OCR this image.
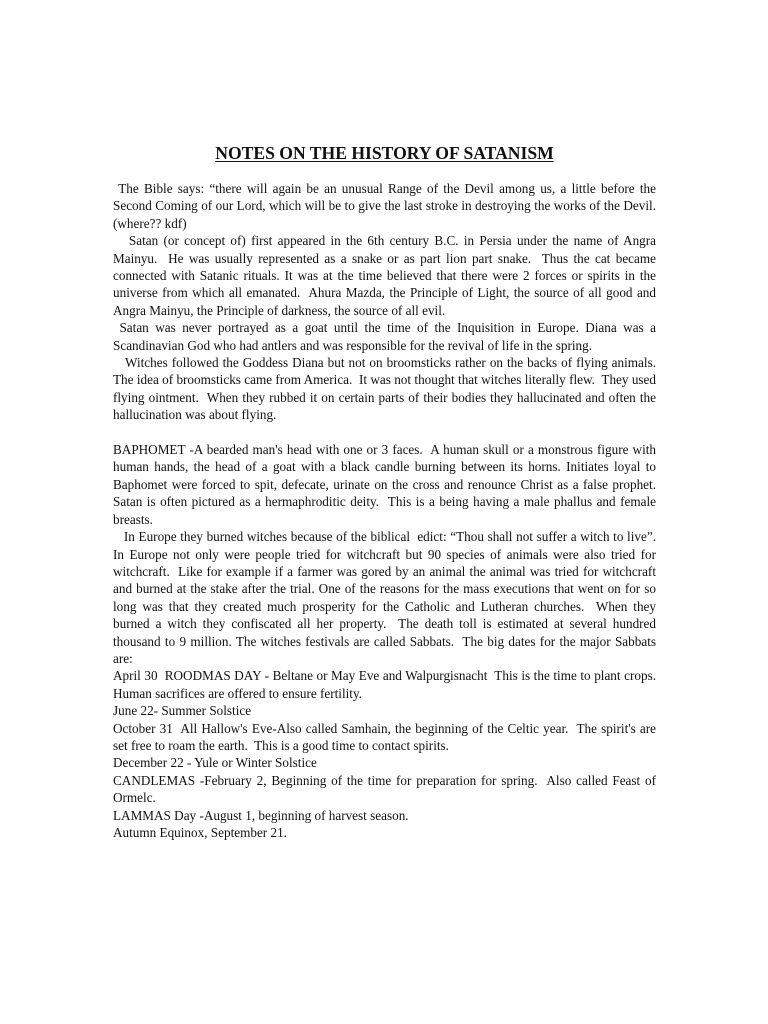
NOTES ON THE HISTORY OF SATANISM

The Bible says: “there will again be an unusual Range of the Devil among us, a little before the Second Coming of our Lord, which will be to give the last stroke in destroying the works of the Devil. (where?? kdf)

Satan (or concept of) first appeared in the 6th century B.C. in Persia under the name of Angra Mainyu.  He was usually represented as a snake or as part lion part snake.  Thus the cat became connected with Satanic rituals. It was at the time believed that there were 2 forces or spirits in the universe from which all emanated.  Ahura Mazda, the Principle of Light, the source of all good and Angra Mainyu, the Principle of darkness, the source of all evil.

Satan was never portrayed as a goat until the time of the Inquisition in Europe. Diana was a Scandinavian God who had antlers and was responsible for the revival of life in the spring.

Witches followed the Goddess Diana but not on broomsticks rather on the backs of flying animals.  The idea of broomsticks came from America.  It was not thought that witches literally flew.  They used flying ointment.  When they rubbed it on certain parts of their bodies they hallucinated and often the hallucination was about flying.

BAPHOMET -A bearded man's head with one or 3 faces.  A human skull or a monstrous figure with human hands, the head of a goat with a black candle burning between its horns. Initiates loyal to Baphomet were forced to spit, defecate, urinate on the cross and renounce Christ as a false prophet. Satan is often pictured as a hermaphroditic deity.  This is a being having a male phallus and female breasts.

In Europe they burned witches because of the biblical  edict: “Thou shall not suffer a witch to live”.  In Europe not only were people tried for witchcraft but 90 species of animals were also tried for witchcraft.  Like for example if a farmer was gored by an animal the animal was tried for witchcraft and burned at the stake after the trial. One of the reasons for the mass executions that went on for so long was that they created much prosperity for the Catholic and Lutheran churches.  When they burned a witch they confiscated all her property.  The death toll is estimated at several hundred thousand to 9 million. The witches festivals are called Sabbats.  The big dates for the major Sabbats are:

April 30  ROODMAS DAY - Beltane or May Eve and Walpurgisnacht  This is the time to plant crops.  Human sacrifices are offered to ensure fertility.

June 22- Summer Solstice

October 31  All Hallow's Eve-Also called Samhain, the beginning of the Celtic year.  The spirit's are set free to roam the earth.  This is a good time to contact spirits.

December 22 - Yule or Winter Solstice

CANDLEMAS -February 2, Beginning of the time for preparation for spring.  Also called Feast of Ormelc.

LAMMAS Day -August 1, beginning of harvest season.

Autumn Equinox, September 21.
